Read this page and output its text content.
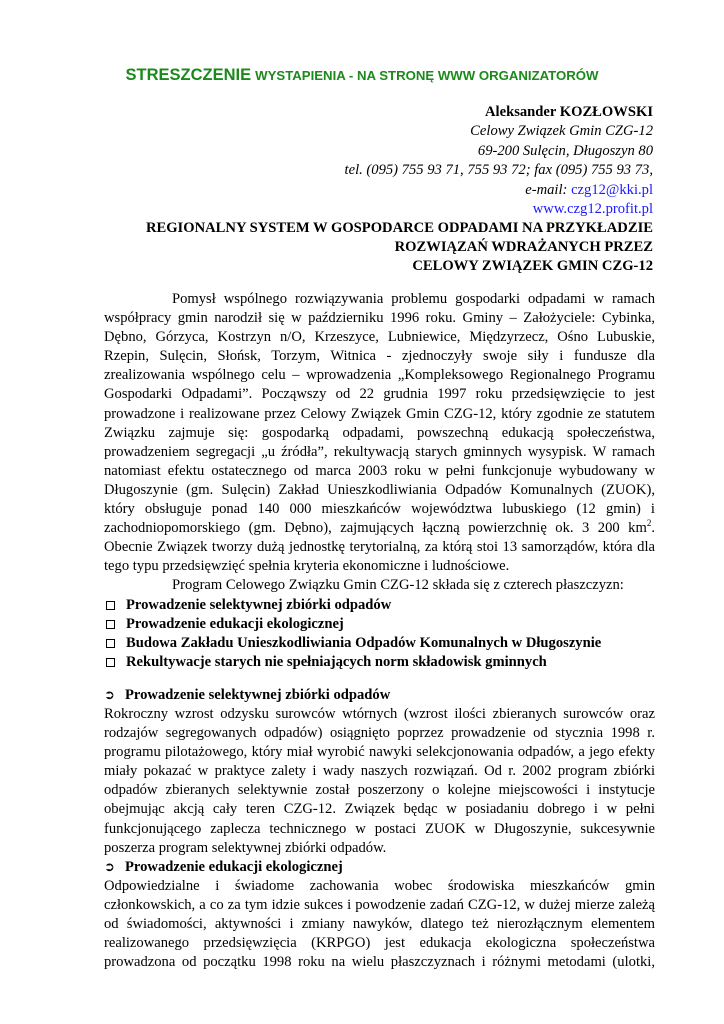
STRESZCZENIE WYSTAPIENIA - NA STRONĘ WWW ORGANIZATORÓW
Aleksander KOZŁOWSKI
Celowy Związek Gmin CZG-12
69-200 Sulęcin, Długoszyn 80
tel. (095) 755 93 71, 755 93 72; fax (095) 755 93 73,
e-mail: czg12@kki.pl
www.czg12.profit.pl
REGIONALNY SYSTEM W GOSPODARCE ODPADAMI NA PRZYKŁADZIE
ROZWIĄZAŃ WDRAŻANYCH PRZEZ
CELOWY ZWIĄZEK GMIN CZG-12

Pomysł wspólnego rozwiązywania problemu gospodarki odpadami w ramach

współpracy gmin narodził się w październiku 1996 roku. Gminy – Założyciele: Cybinka,

Dębno, Górzyca, Kostrzyn n/O, Krzeszyce, Lubniewice, Międzyrzecz, Ośno Lubuskie,

Rzepin, Sulęcin, Słońsk, Torzym, Witnica - zjednoczyły swoje siły i fundusze dla

zrealizowania wspólnego celu – wprowadzenia „Kompleksowego Regionalnego Programu

Gospodarki Odpadami”. Począwszy od 22 grudnia 1997 roku przedsięwzięcie to jest

prowadzone i realizowane przez Celowy Związek Gmin CZG-12, który zgodnie ze statutem

Związku zajmuje się: gospodarką odpadami, powszechną edukacją społeczeństwa,

prowadzeniem segregacji „u źródła”, rekultywacją starych gminnych wysypisk. W ramach

natomiast efektu ostatecznego od marca 2003 roku w pełni funkcjonuje wybudowany w

Długoszynie (gm. Sulęcin) Zakład Unieszkodliwiania Odpadów Komunalnych (ZUOK),

który obsługuje ponad 140 000 mieszkańców województwa lubuskiego (12 gmin) i

zachodniopomorskiego (gm. Dębno), zajmujących łączną powierzchnię ok. 3 200 $km^2$.

Obecnie Związek tworzy dużą jednostkę terytorialną, za którą stoi 13 samorządów, która dla

tego typu przedsięwzięć spełnia kryteria ekonomiczne i ludnościowe.

Program Celowego Związku Gmin CZG-12 składa się z czterech płaszczyzn:

Prowadzenie selektywnej zbiórki odpadów
Prowadzenie edukacji ekologicznej
Budowa Zakładu Unieszkodliwiania Odpadów Komunalnych w Długoszynie
Rekultywacje starych nie spełniających norm składowisk gminnych
➲ Prowadzenie selektywnej zbiórki odpadów

Rokroczny wzrost odzysku surowców wtórnych (wzrost ilości zbieranych surowców oraz

rodzajów segregowanych odpadów) osiągnięto poprzez prowadzenie od stycznia 1998 r.

programu pilotażowego, który miał wyrobić nawyki selekcjonowania odpadów, a jego efekty

miały pokazać w praktyce zalety i wady naszych rozwiązań. Od r. 2002 program zbiórki

odpadów zbieranych selektywnie został poszerzony o kolejne miejscowości i instytucje

obejmując akcją cały teren CZG-12. Związek będąc w posiadaniu dobrego i w pełni

funkcjonującego zaplecza technicznego w postaci ZUOK w Długoszynie, sukcesywnie

poszerza program selektywnej zbiórki odpadów.

➲ Prowadzenie edukacji ekologicznej

Odpowiedzialne i świadome zachowania wobec środowiska mieszkańców gmin

członkowskich, a co za tym idzie sukces i powodzenie zadań CZG-12, w dużej mierze zależą

od świadomości, aktywności i zmiany nawyków, dlatego też nierozłącznym elementem

realizowanego przedsięwzięcia (KRPGO) jest edukacja ekologiczna społeczeństwa

prowadzona od początku 1998 roku na wielu płaszczyznach i różnymi metodami (ulotki,
